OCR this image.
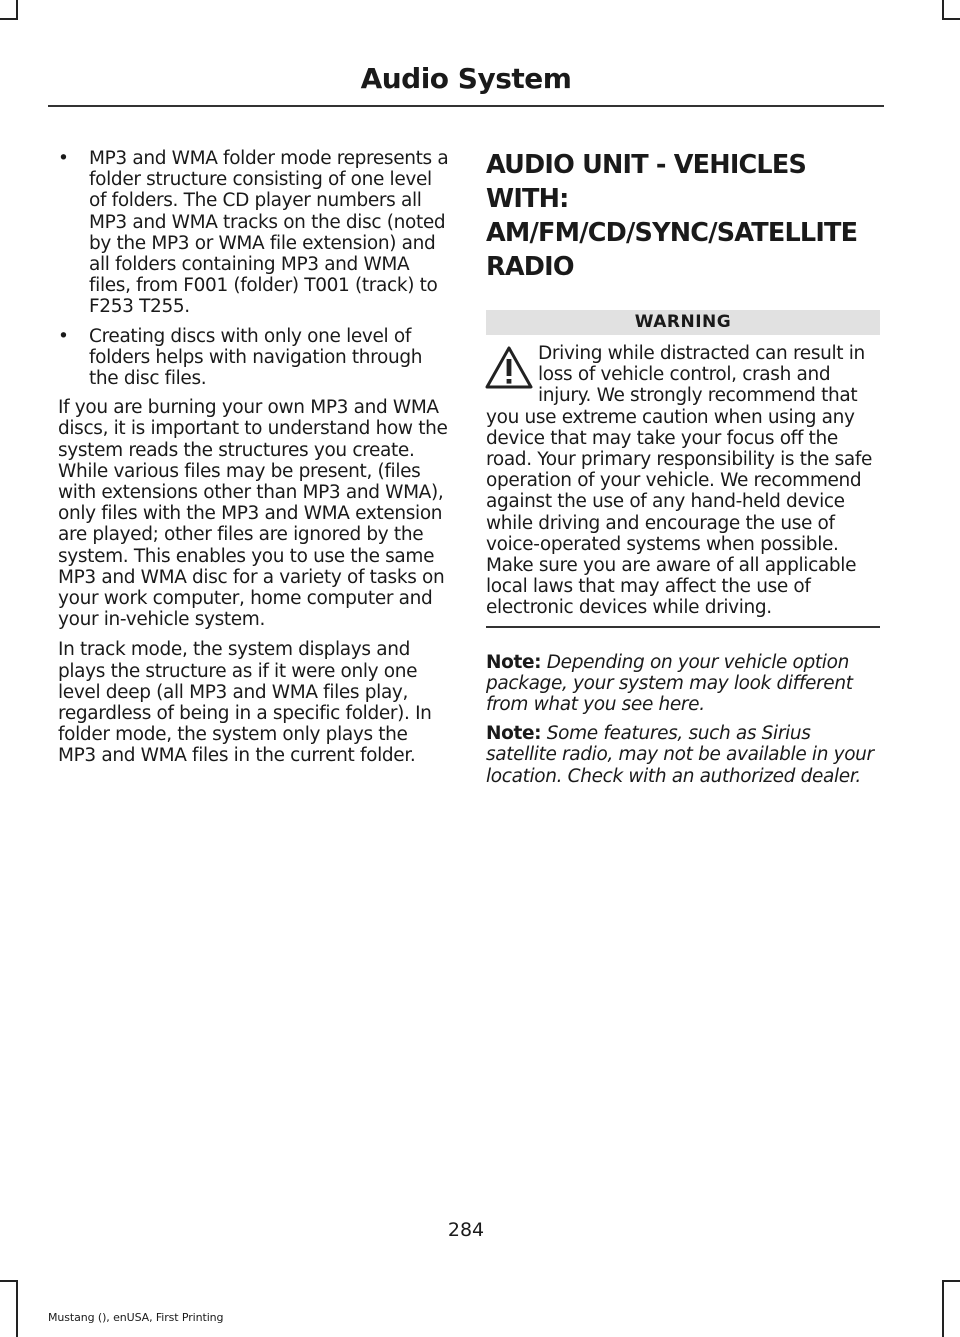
Audio System
•	MP3 and WMA folder mode represents a folder structure consisting of one level of folders. The CD player numbers all MP3 and WMA tracks on the disc (noted by the MP3 or WMA file extension) and all folders containing MP3 and WMA files, from F001 (folder) T001 (track) to F253 T255.
•	Creating discs with only one level of folders helps with navigation through the disc files.

If you are burning your own MP3 and WMA discs, it is important to understand how the system reads the structures you create. While various files may be present, (files with extensions other than MP3 and WMA), only files with the MP3 and WMA extension are played; other files are ignored by the system. This enables you to use the same MP3 and WMA disc for a variety of tasks on your work computer, home computer and your in-vehicle system.

In track mode, the system displays and plays the structure as if it were only one level deep (all MP3 and WMA files play, regardless of being in a specific folder). In folder mode, the system only plays the MP3 and WMA files in the current folder.

AUDIO UNIT - VEHICLES WITH:
AM/FM/CD/SYNC/SATELLITE
RADIO
WARNING

Driving while distracted can result in loss of vehicle control, crash and injury. We strongly recommend that you use extreme caution when using any device that may take your focus off the road. Your primary responsibility is the safe operation of your vehicle. We recommend against the use of any hand-held device while driving and encourage the use of voice-operated systems when possible. Make sure you are aware of all applicable local laws that may affect the use of electronic devices while driving.

Note: Depending on your vehicle option package, your system may look different from what you see here.

Note: Some features, such as Sirius satellite radio, may not be available in your location. Check with an authorized dealer.

284
Mustang (), enUSA, First Printing
